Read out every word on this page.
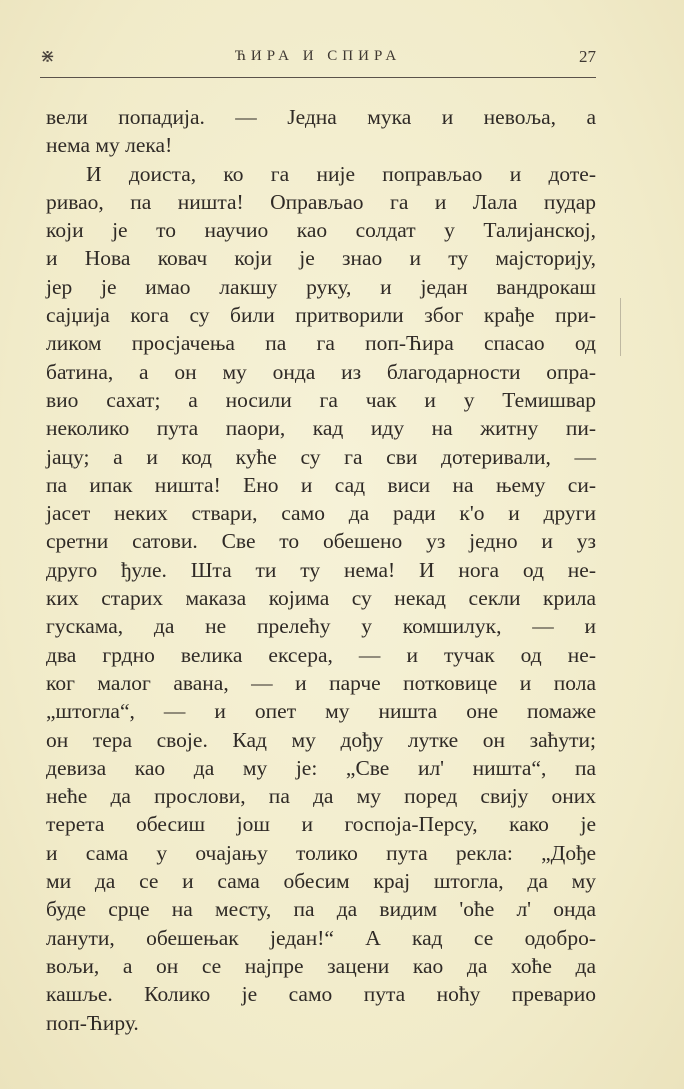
⋇	ЋИРА И СПИРА	27
вели попадија. — Једна мука и невоља, а
нема му лека!
И доиста, ко га није поправљао и доте-
ривао, па ништа! Оправљао га и Лала пудар
који је то научио као солдат у Талијанској,
и Нова ковач који је знао и ту мајсторију,
јер је имао лакшу руку, и један вандрокаш
сајџија кога су били притворили због крађе при-
ликом просјачења па га поп-Ћира спасао од
батина, а он му онда из благодарности опра-
вио сахат; а носили га чак и у Темишвар
неколико пута паори, кад иду на житну пи-
јацу; а и код куће су га сви дотеривали, —
па ипак ништа! Ено и сад виси на њему си-
јасет неких ствари, само да ради к'о и други
сретни сатови. Све то обешено уз једно и уз
друго ђуле. Шта ти ту нема! И нога од не-
ких старих маказа којима су некад секли крила
гускама, да не прелећу у комшилук, — и
два грдно велика ексера, — и тучак од не-
ког малог авана, — и парче потковице и пола
„штогла“, — и опет му ништа оне помаже
он тера своје. Кад му дођу лутке он заћути;
девиза као да му је: „Све ил' ништа“, па
неће да прослови, па да му поред свију оних
терета обесиш још и госпоја-Персу, како је
и сама у очајању толико пута рекла: „Дође
ми да се и сама обесим крај штогла, да му
буде срце на месту, па да видим 'оће л' онда
ланути, обешењак један!“ А кад се одобро-
вољи, а он се најпре зацени као да хоће да
кашље. Колико је само пута ноћу преварио
поп-Ћиру.
